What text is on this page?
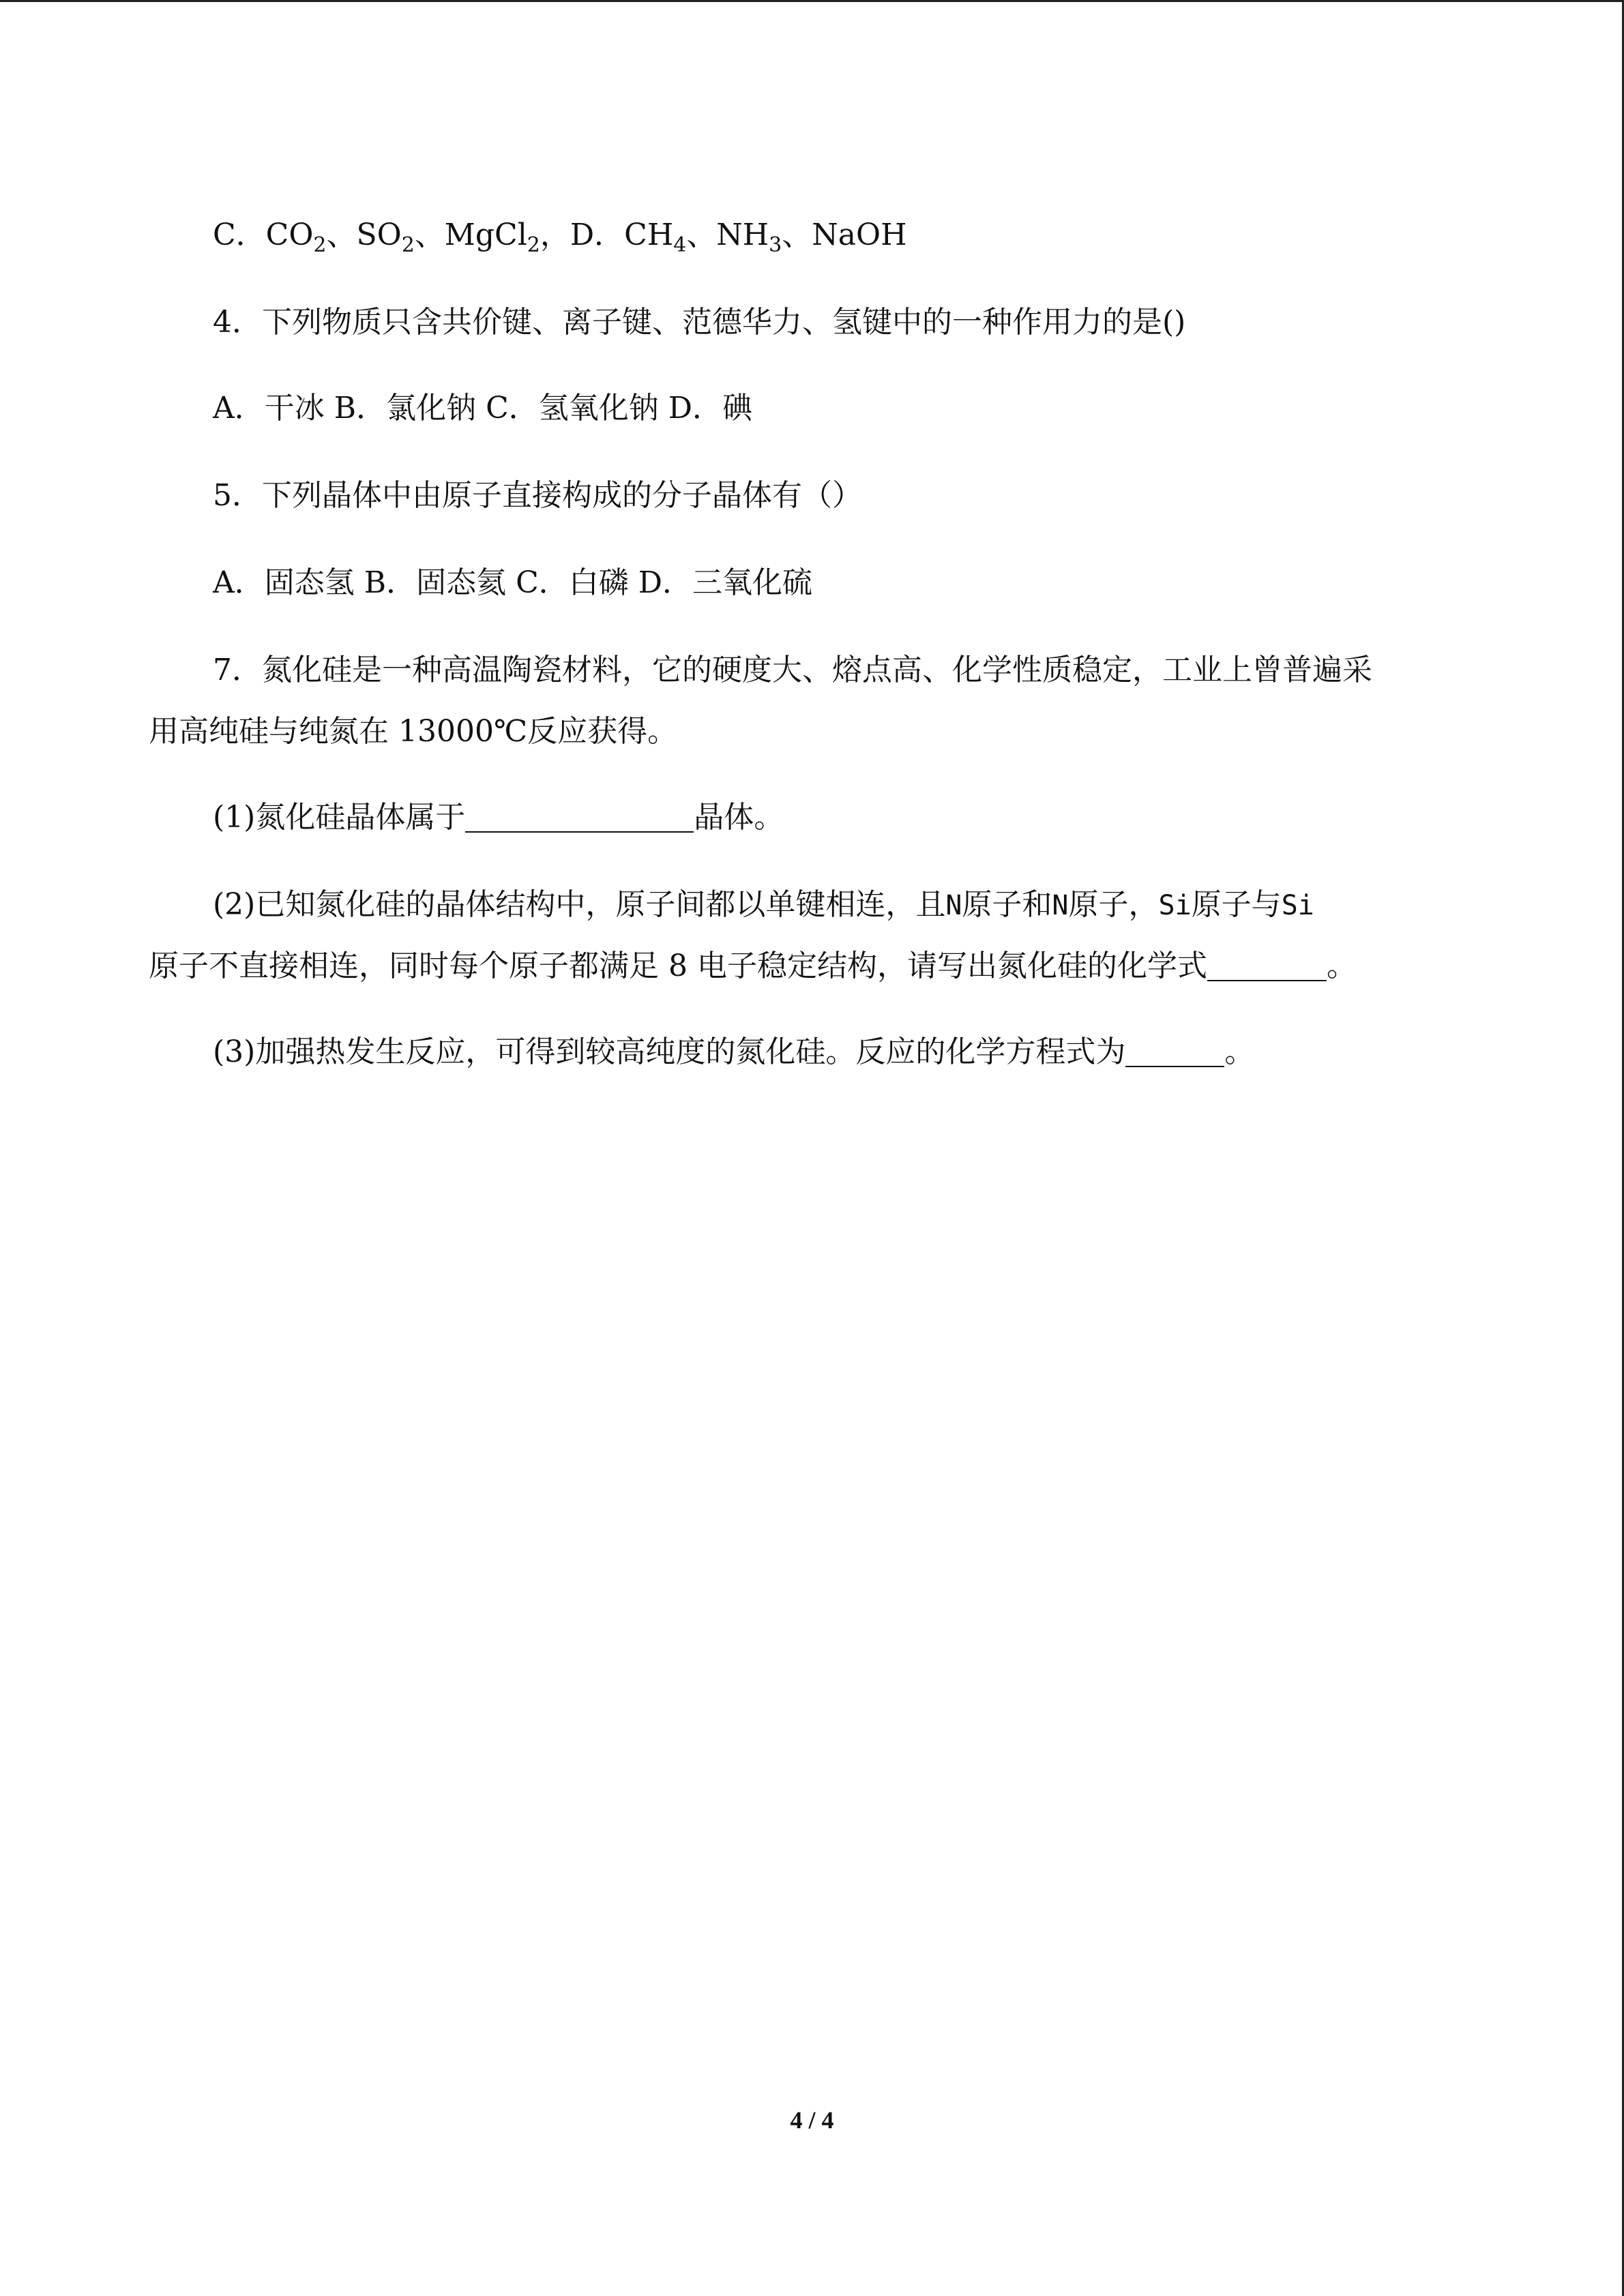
C．$CO_2$、$SO_2$、MgCl$_2$，D．$CH_4$、$NH_3$、NaOH
4．下列物质只含共价键、离子键、范德华力、氢键中的一种作用力的是()
A．干冰 B．氯化钠 C．氢氧化钠 D．碘
5．下列晶体中由原子直接构成的分子晶体有（）
A．固态氢 B．固态氦 C．白磷 D．三氧化硫
7．氮化硅是一种高温陶瓷材料，它的硬度大、熔点高、化学性质稳定，工业上曾普遍采
用高纯硅与纯氮在 13000℃反应获得。
(1)氮化硅晶体属于	晶体。
(2)已知氮化硅的晶体结构中，原子间都以单键相连，且N原子和N原子，Si原子与Si
原子不直接相连，同时每个原子都满足 8 电子稳定结构，请写出氮化硅的化学式	。
(3)加强热发生反应，可得到较高纯度的氮化硅。反应的化学方程式为	。
4 / 4
